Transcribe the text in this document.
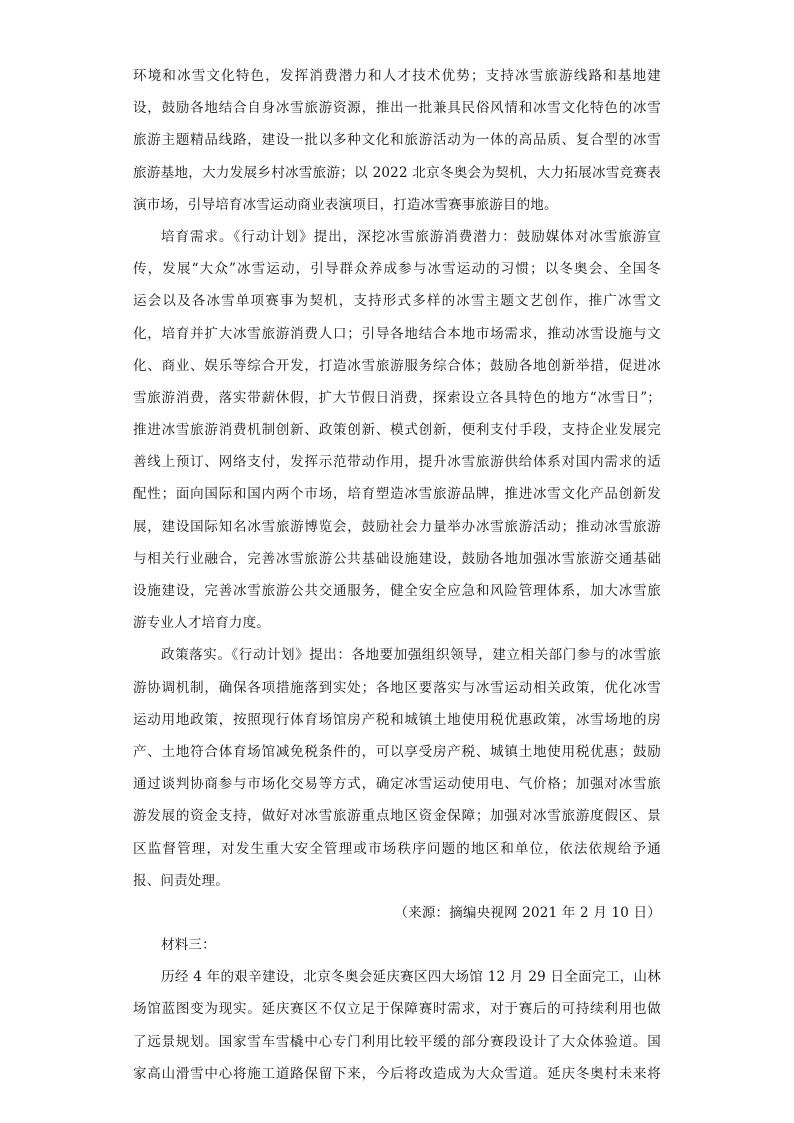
环境和冰雪文化特色，发挥消费潜力和人才技术优势；支持冰雪旅游线路和基地建
设，鼓励各地结合自身冰雪旅游资源，推出一批兼具民俗风情和冰雪文化特色的冰雪
旅游主题精品线路，建设一批以多种文化和旅游活动为一体的高品质、复合型的冰雪
旅游基地，大力发展乡村冰雪旅游；以 2022 北京冬奥会为契机，大力拓展冰雪竞赛表
演市场，引导培育冰雪运动商业表演项目，打造冰雪赛事旅游目的地。
培育需求。《行动计划》提出，深挖冰雪旅游消费潜力：鼓励媒体对冰雪旅游宣
传，发展“大众”冰雪运动，引导群众养成参与冰雪运动的习惯；以冬奥会、全国冬
运会以及各冰雪单项赛事为契机，支持形式多样的冰雪主题文艺创作，推广冰雪文
化，培育并扩大冰雪旅游消费人口；引导各地结合本地市场需求，推动冰雪设施与文
化、商业、娱乐等综合开发，打造冰雪旅游服务综合体；鼓励各地创新举措，促进冰
雪旅游消费，落实带薪休假，扩大节假日消费，探索设立各具特色的地方“冰雪日”；
推进冰雪旅游消费机制创新、政策创新、模式创新，便利支付手段，支持企业发展完
善线上预订、网络支付，发挥示范带动作用，提升冰雪旅游供给体系对国内需求的适
配性；面向国际和国内两个市场，培育塑造冰雪旅游品牌，推进冰雪文化产品创新发
展，建设国际知名冰雪旅游博览会，鼓励社会力量举办冰雪旅游活动；推动冰雪旅游
与相关行业融合，完善冰雪旅游公共基础设施建设，鼓励各地加强冰雪旅游交通基础
设施建设，完善冰雪旅游公共交通服务，健全安全应急和风险管理体系，加大冰雪旅
游专业人才培育力度。
政策落实。《行动计划》提出：各地要加强组织领导，建立相关部门参与的冰雪旅
游协调机制，确保各项措施落到实处；各地区要落实与冰雪运动相关政策，优化冰雪
运动用地政策，按照现行体育场馆房产税和城镇土地使用税优惠政策，冰雪场地的房
产、土地符合体育场馆减免税条件的，可以享受房产税、城镇土地使用税优惠；鼓励
通过谈判协商参与市场化交易等方式，确定冰雪运动使用电、气价格；加强对冰雪旅
游发展的资金支持，做好对冰雪旅游重点地区资金保障；加强对冰雪旅游度假区、景
区监督管理，对发生重大安全管理或市场秩序问题的地区和单位，依法依规给予通
报、问责处理。
（来源：摘编央视网 2021 年 2 月 10 日）
材料三：
历经 4 年的艰辛建设，北京冬奥会延庆赛区四大场馆 12 月 29 日全面完工，山林
场馆蓝图变为现实。延庆赛区不仅立足于保障赛时需求，对于赛后的可持续利用也做
了远景规划。国家雪车雪橇中心专门利用比较平缓的部分赛段设计了大众体验道。国
家高山滑雪中心将施工道路保留下来，今后将改造成为大众雪道。延庆冬奥村未来将
